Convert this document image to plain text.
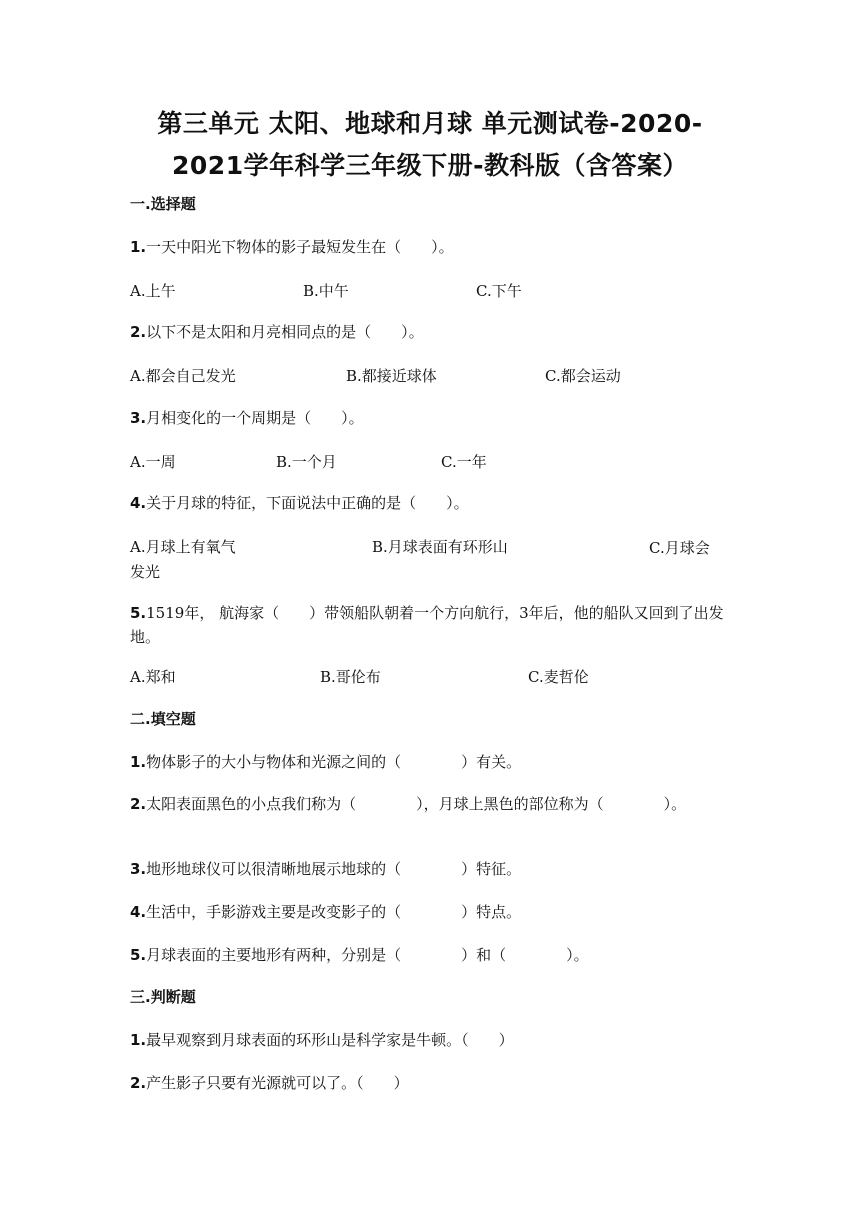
第三单元 太阳、地球和月球 单元测试卷-2020-2021学年科学三年级下册-教科版（含答案）
一.选择题
1.一天中阳光下物体的影子最短发生在（　　）。
A.上午	B.中午	C.下午
2.以下不是太阳和月亮相同点的是（　　）。
A.都会自己发光	B.都接近球体	C.都会运动
3.月相变化的一个周期是（　　）。
A.一周	B.一个月	C.一年
4.关于月球的特征，下面说法中正确的是（　　）。
A.月球上有氧气	B.月球表面有环形山	C.月球会发光
5.1519年， 航海家（　　）带领船队朝着一个方向航行，3年后，他的船队又回到了出发地。
A.郑和	B.哥伦布	C.麦哲伦
二.填空题
1.物体影子的大小与物体和光源之间的（　　　　）有关。
2.太阳表面黑色的小点我们称为（　　　　），月球上黑色的部位称为（　　　　）。
3.地形地球仪可以很清晰地展示地球的（　　　　）特征。
4.生活中，手影游戏主要是改变影子的（　　　　）特点。
5.月球表面的主要地形有两种，分别是（　　　　）和（　　　　）。
三.判断题
1.最早观察到月球表面的环形山是科学家是牛顿。（　　）
2.产生影子只要有光源就可以了。（　　）
